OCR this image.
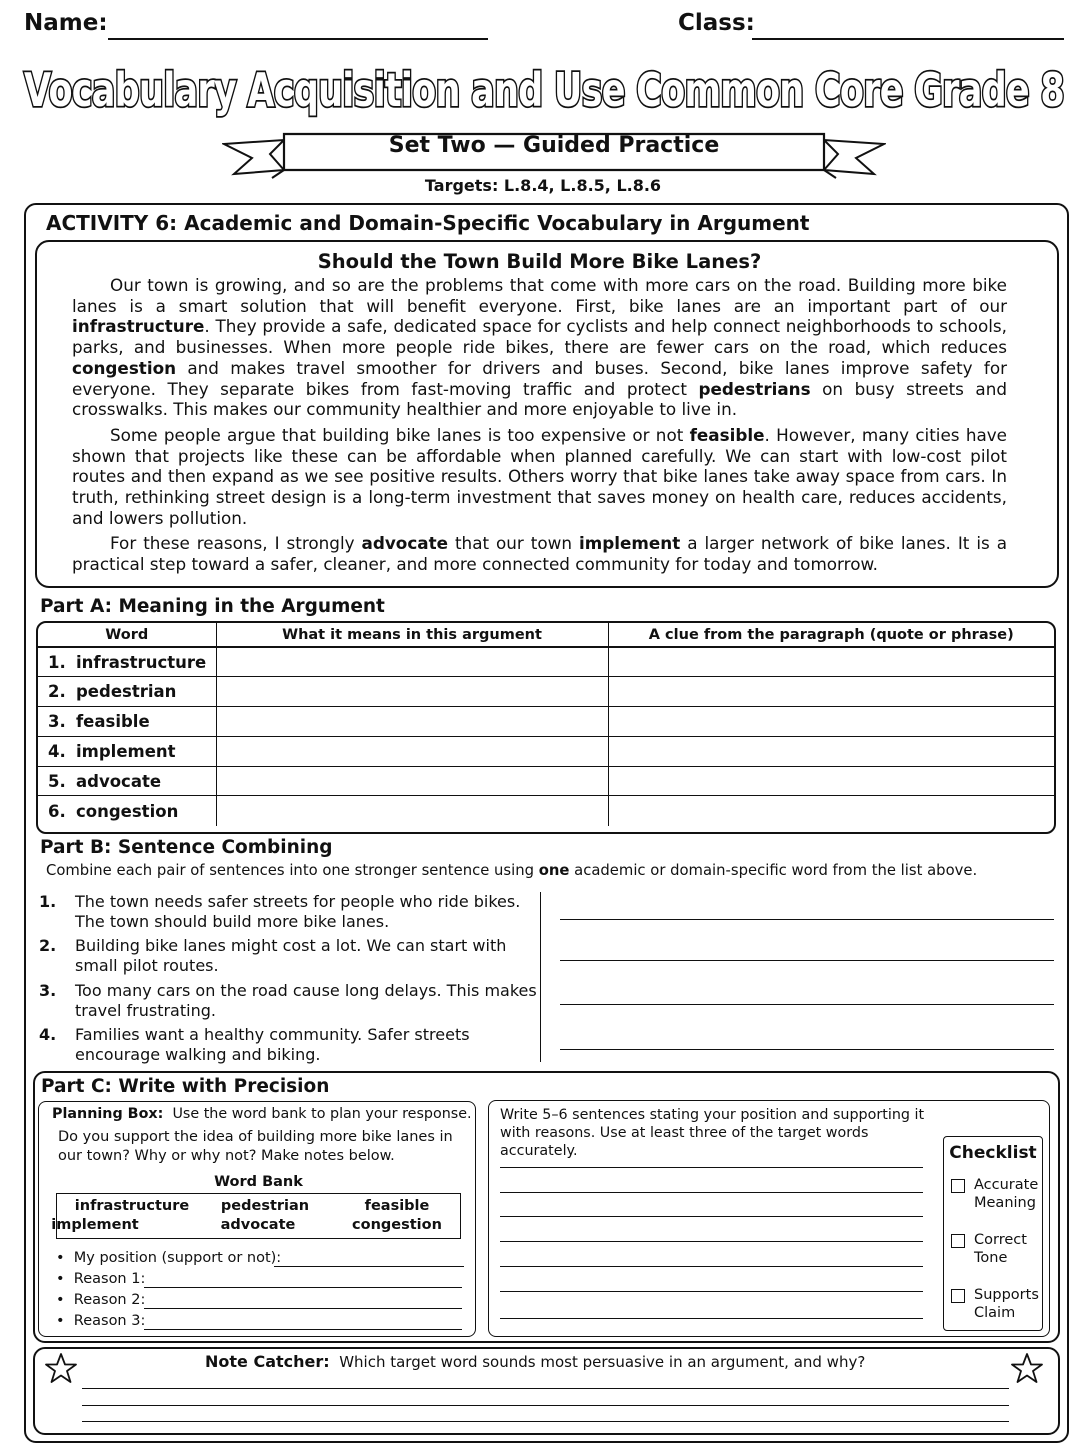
Name:	Class:
Vocabulary Acquisition and Use Common Core Grade 8
Set Two — Guided Practice
Targets: L.8.4, L.8.5, L.8.6
ACTIVITY 6: Academic and Domain-Specific Vocabulary in Argument
Should the Town Build More Bike Lanes?

Our town is growing, and so are the problems that come with more cars on the road. Building more bike lanes is a smart solution that will benefit everyone. First, bike lanes are an important part of our infrastructure. They provide a safe, dedicated space for cyclists and help connect neighborhoods to schools, parks, and businesses. When more people ride bikes, there are fewer cars on the road, which reduces congestion and makes travel smoother for drivers and buses. Second, bike lanes improve safety for everyone. They separate bikes from fast-moving traffic and protect pedestrians on busy streets and crosswalks. This makes our community healthier and more enjoyable to live in.

Some people argue that building bike lanes is too expensive or not feasible. However, many cities have shown that projects like these can be affordable when planned carefully. We can start with low-cost pilot routes and then expand as we see positive results. Others worry that bike lanes take away space from cars. In truth, rethinking street design is a long-term investment that saves money on health care, reduces accidents, and lowers pollution.

For these reasons, I strongly advocate that our town implement a larger network of bike lanes. It is a practical step toward a safer, cleaner, and more connected community for today and tomorrow.

Part A: Meaning in the Argument
Word	What it means in this argument	A clue from the paragraph (quote or phrase)
1. infrastructure		
2. pedestrian		
3. feasible		
4. implement		
5. advocate		
6. congestion		
Part B: Sentence Combining
Combine each pair of sentences into one stronger sentence using one academic or domain-specific word from the list above.
1. The town needs safer streets for people who ride bikes. The town should build more bike lanes.
2. Building bike lanes might cost a lot. We can start with small pilot routes.
3. Too many cars on the road cause long delays. This makes travel frustrating.
4. Families want a healthy community. Safer streets encourage walking and biking.
Part C: Write with Precision
Planning Box: Use the word bank to plan your response.
Do you support the idea of building more bike lanes in our town? Why or why not? Make notes below.
Word Bank
infrastructure	pedestrian	feasible
implement	advocate	congestion
•  My position (support or not):
•  Reason 1:
•  Reason 2:
•  Reason 3:
Write 5–6 sentences stating your position and supporting it with reasons. Use at least three of the target words accurately.	Checklist
Accurate Meaning
Correct Tone
Supports Claim
Note Catcher: Which target word sounds most persuasive in an argument, and why?
